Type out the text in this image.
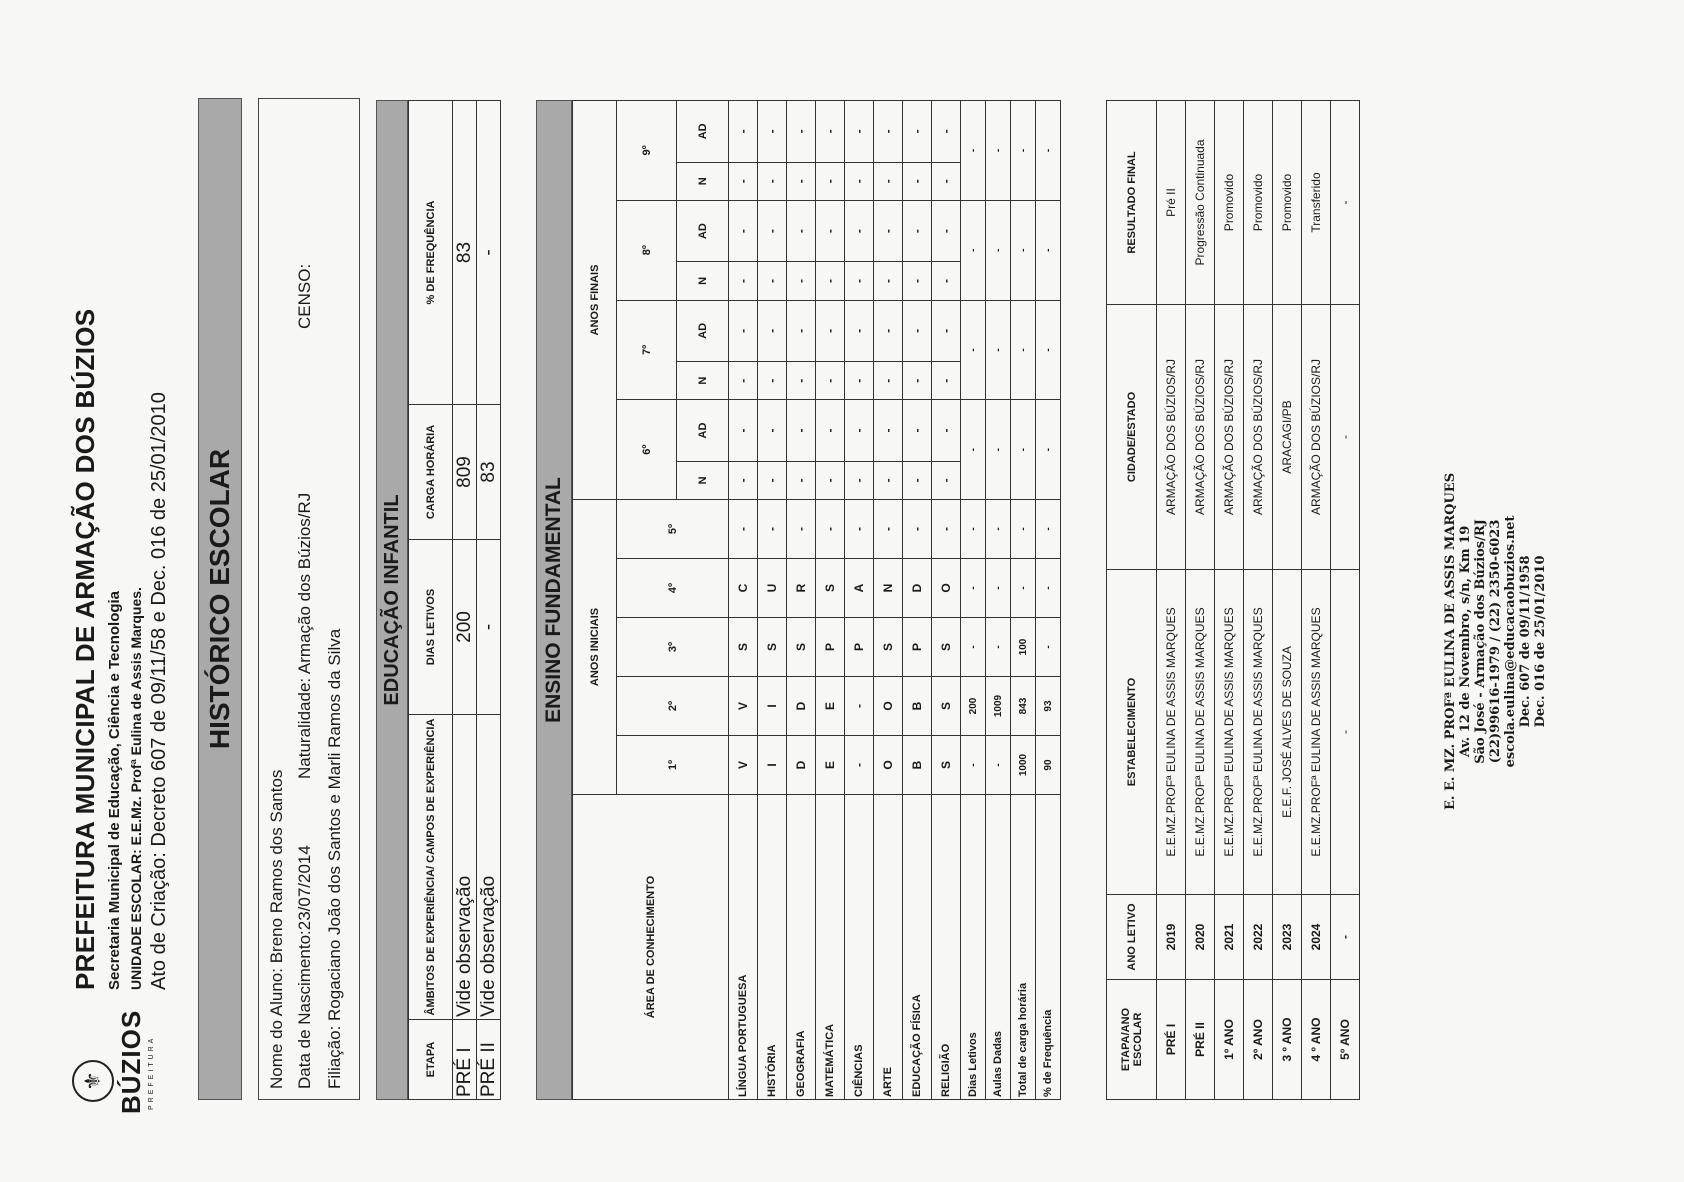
⚜ BÚZIOS PREFEITURA
PREFEITURA MUNICIPAL DE ARMAÇÃO DOS BÚZIOS Secretaria Municipal de Educação, Ciência e Tecnologia UNIDADE ESCOLAR: E.E.Mz. Profª Eulina de Assis Marques. Ato de Criação: Decreto 607 de 09/11/58 e Dec. 016 de 25/01/2010 HISTÓRICO ESCOLAR
Nome do Aluno: Breno Ramos dos Santos Data de Nascimento:23/07/2014
Naturalidade: Armação dos Búzios/RJ
CENSO:
Filiação: Rogaciano João dos Santos e Marli Ramos da Silva
EDUCAÇÃO INFANTIL
ETAPA	ÂMBITOS DE EXPERIÊNCIA/ CAMPOS DE EXPERIÊNCIA	DIAS LETIVOS	CARGA HORÁRIA	% DE FREQUÊNCIA
PRÉ I	Vide observação	200	809	83
PRÉ II	Vide observação	-	83	-
ENSINO FUNDAMENTAL
ÁREA DE CONHECIMENTO	ANOS INICIAIS					ANOS FINAIS							
	1º	2º	3º	4º	5º	6º		7º		8º		9º	
						N	AD	N	AD	N	AD	N	AD
LÍNGUA PORTUGUESA	V	V	S	C	-	-	-	-	-	-	-	-	-
HISTÓRIA	I	I	S	U	-	-	-	-	-	-	-	-	-
GEOGRAFIA	D	D	S	R	-	-	-	-	-	-	-	-	-
MATEMÁTICA	E	E	P	S	-	-	-	-	-	-	-	-	-
CIÊNCIAS	-	-	P	A	-	-	-	-	-	-	-	-	-
ARTE	O	O	S	N	-	-	-	-	-	-	-	-	-
EDUCAÇÃO FÍSICA	B	B	P	D	-	-	-	-	-	-	-	-	-
RELIGIÃO	S	S	S	O	-	-	-	-	-	-	-	-	-
Dias Letivos	-	200	-	-	-	-		-		-		-	
Aulas Dadas	-	1009	-	-	-	-		-		-		-	
Total de carga horária	1000	843	100	-	-	-		-		-		-	
% de Frequência	90	93	-	-	-	-		-		-		-	
ETAPA/ANO ESCOLAR	ANO LETIVO	ESTABELECIMENTO	CIDADE/ESTADO	RESULTADO FINAL
PRÉ I	2019	E.E.MZ.PROFª EULINA DE ASSIS MARQUES	ARMAÇÃO DOS BÚZIOS/RJ	Pré II
PRÉ II	2020	E.E.MZ.PROFª EULINA DE ASSIS MARQUES	ARMAÇÃO DOS BÚZIOS/RJ	Progressão Continuada
1º ANO	2021	E.E.MZ.PROFª EULINA DE ASSIS MARQUES	ARMAÇÃO DOS BÚZIOS/RJ	Promovido
2º ANO	2022	E.E.MZ.PROFª EULINA DE ASSIS MARQUES	ARMAÇÃO DOS BÚZIOS/RJ	Promovido
3 º ANO	2023	E.E.F. JOSÉ ALVES DE SOUZA	ARACAGI/PB	Promovido
4 º ANO	2024	E.E.MZ.PROFª EULINA DE ASSIS MARQUES	ARMAÇÃO DOS BÚZIOS/RJ	Transferido
5º ANO	-	-	-	-
E. E. MZ. PROFª EULINA DE ASSIS MARQUES Av. 12 de Novembro, s/n, Km 19 São José - Armação dos Búzios/RJ (22)99616-1979 / (22) 2350-6023 escola.eulina@educacaobuzios.net Dec. 607 de 09/11/1958 Dec. 016 de 25/01/2010
